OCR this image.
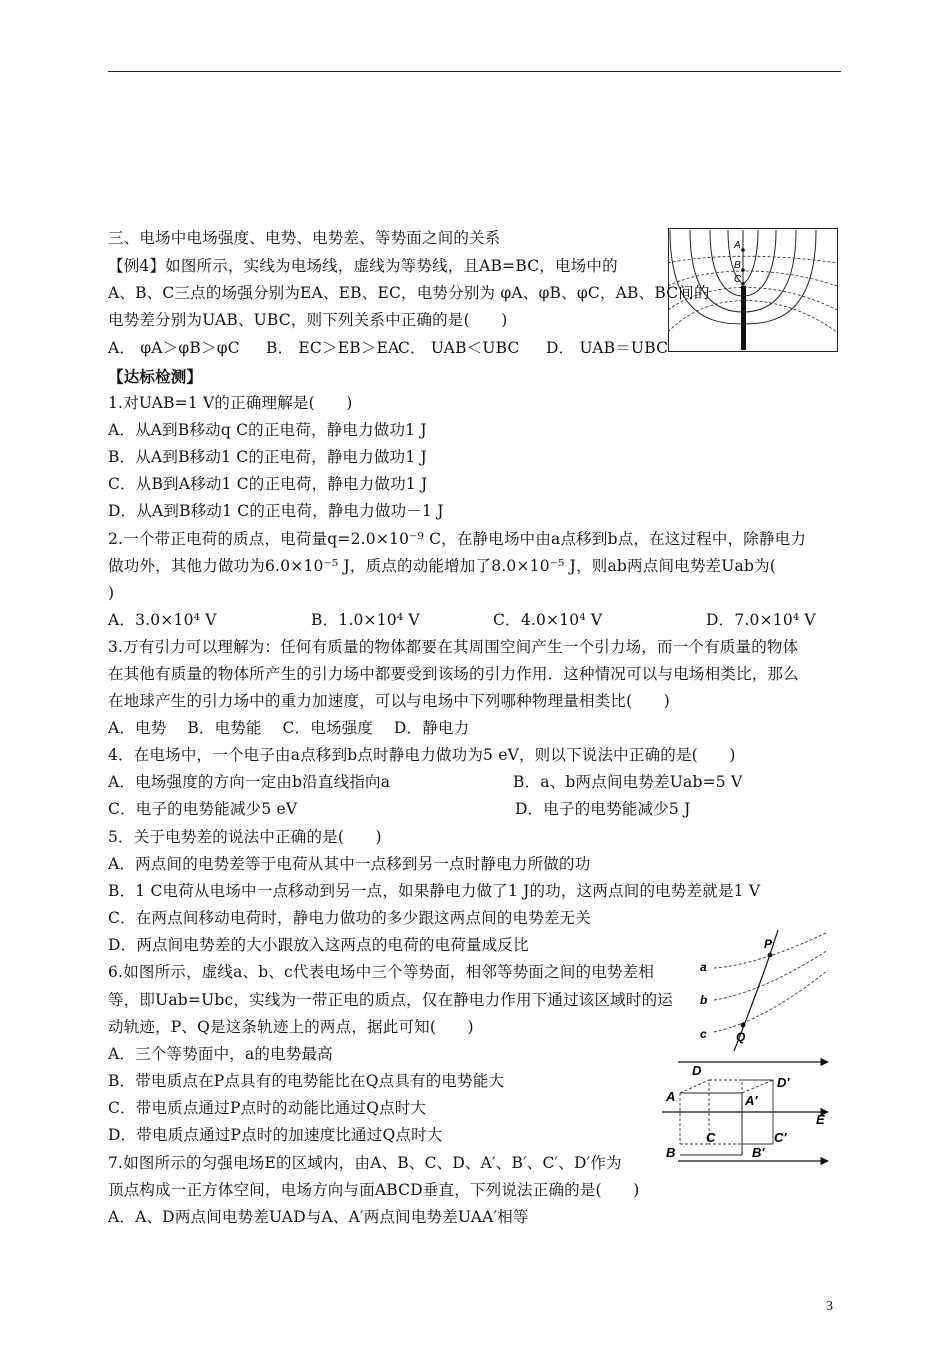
三、电场中电场强度、电势、电势差、等势面之间的关系
【例4】如图所示，实线为电场线，虚线为等势线，且AB=BC，电场中的
A、B、C三点的场强分别为EA、EB、EC，电势分别为 φA、φB、φC，AB、BC间的
电势差分别为UAB、UBC，则下列关系中正确的是(　　)
A． φA＞φB＞φC B． EC＞EB＞EA
C． UAB＜UBC D． UAB＝UBC
A
B
C
【达标检测】
1.对UAB=1 V的正确理解是(　　)
A．从A到B移动q C的正电荷，静电力做功1 J
B．从A到B移动1 C的正电荷，静电力做功1 J
C．从B到A移动1 C的正电荷，静电力做功1 J
D．从A到B移动1 C的正电荷，静电力做功－1 J
2.一个带正电荷的质点，电荷量q=2.0×10⁻⁹ C，在静电场中由a点移到b点，在这过程中，除静电力
做功外，其他力做功为6.0×10⁻⁵ J，质点的动能增加了8.0×10⁻⁵ J，则ab两点间电势差Uab为(
)
A．3.0×10⁴ V	B．1.0×10⁴ V	C．4.0×10⁴ V	D．7.0×10⁴ V
3.万有引力可以理解为：任何有质量的物体都要在其周围空间产生一个引力场，而一个有质量的物体
在其他有质量的物体所产生的引力场中都要受到该场的引力作用．这种情况可以与电场相类比，那么
在地球产生的引力场中的重力加速度，可以与电场中下列哪种物理量相类比(　　)
A．电势　 B．电势能　 C．电场强度　 D．静电力
4．在电场中，一个电子由a点移到b点时静电力做功为5 eV，则以下说法中正确的是(　　)
A．电场强度的方向一定由b沿直线指向a	B．a、b两点间电势差Uab=5 V
C．电子的电势能减少5 eV	D．电子的电势能减少5 J
5．关于电势差的说法中正确的是(　　)
A．两点间的电势差等于电荷从其中一点移到另一点时静电力所做的功
B．1 C电荷从电场中一点移动到另一点，如果静电力做了1 J的功，这两点间的电势差就是1 V
C．在两点间移动电荷时，静电力做功的多少跟这两点间的电势差无关
D．两点间电势差的大小跟放入这两点的电荷的电荷量成反比
6.如图所示，虚线a、b、c代表电场中三个等势面，相邻等势面之间的电势差相
等，即Uab=Ubc，实线为一带正电的质点，仅在静电力作用下通过该区域时的运
动轨迹，P、Q是这条轨迹上的两点，据此可知(　　)
A．三个等势面中，a的电势最高
B．带电质点在P点具有的电势能比在Q点具有的电势能大
C．带电质点通过P点时的动能比通过Q点时大
D．带电质点通过P点时的加速度比通过Q点时大
7.如图所示的匀强电场E的区域内，由A、B、C、D、A′、B′、C′、D′作为
顶点构成一正方体空间，电场方向与面ABCD垂直，下列说法正确的是(　　)
A．A、D两点间电势差UAD与A、A′两点间电势差UAA′相等
P
a
b
c Q
D
D′
A	A′
E
C	C′
B	B′
3
